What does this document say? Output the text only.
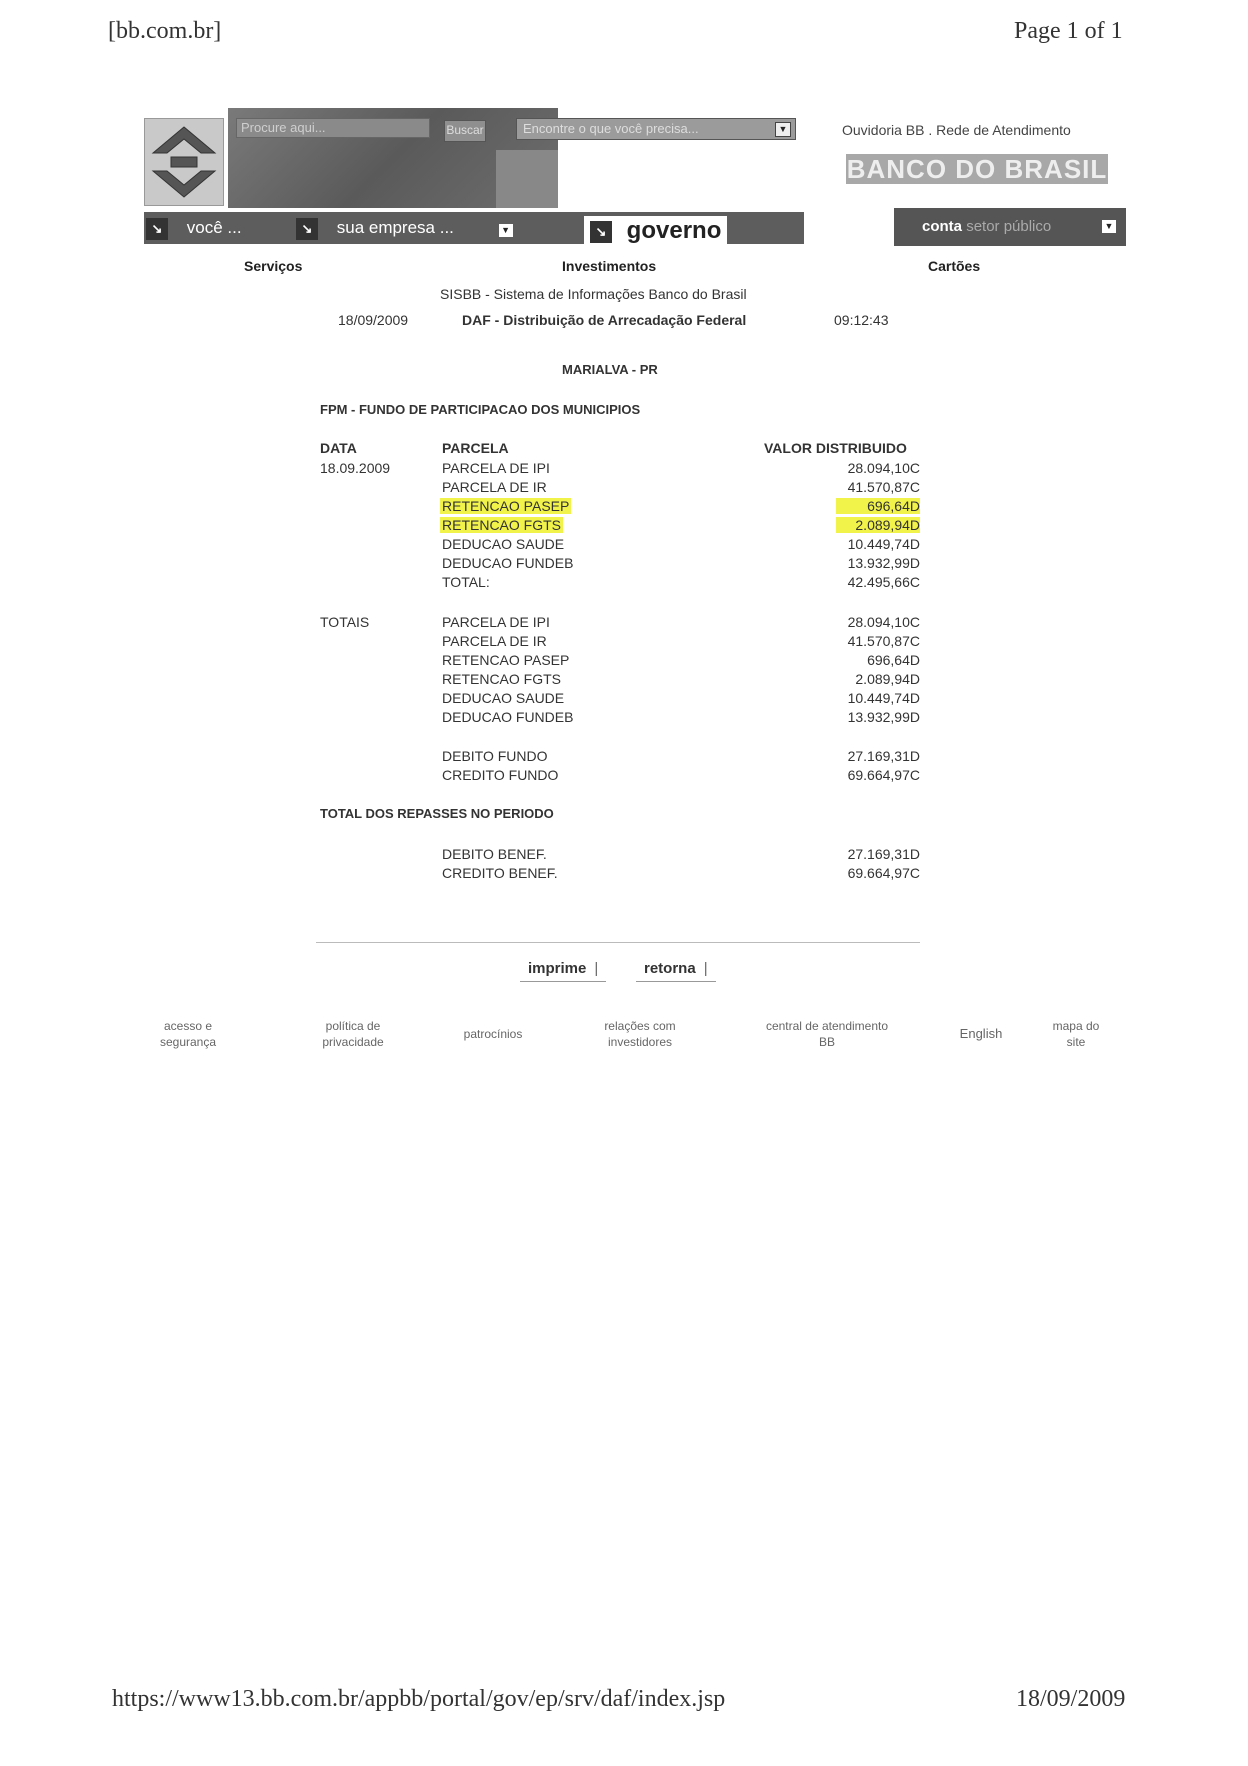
[bb.com.br]	Page 1 of 1
Procure aqui...	Buscar	Encontre o que você precisa...	▼
↘ você ...	↘ sua empresa ...	▼	↘ governo
Ouvidoria BB . Rede de Atendimento
BANCO DO BRASIL
conta setor público	▼
Serviços	Investimentos	Cartões
SISBB - Sistema de Informações Banco do Brasil
18/09/2009	DAF - Distribuição de Arrecadação Federal	09:12:43
MARIALVA - PR
FPM - FUNDO DE PARTICIPACAO DOS MUNICIPIOS
DATA	PARCELA	VALOR DISTRIBUIDO
18.09.2009	PARCELA DE IPI	28.094,10C
PARCELA DE IR	41.570,87C
RETENCAO PASEP	696,64D
RETENCAO FGTS	2.089,94D
DEDUCAO SAUDE	10.449,74D
DEDUCAO FUNDEB	13.932,99D
TOTAL:	42.495,66C
TOTAIS	PARCELA DE IPI	28.094,10C
PARCELA DE IR	41.570,87C
RETENCAO PASEP	696,64D
RETENCAO FGTS	2.089,94D
DEDUCAO SAUDE	10.449,74D
DEDUCAO FUNDEB	13.932,99D
DEBITO FUNDO	27.169,31D
CREDITO FUNDO	69.664,97C
TOTAL DOS REPASSES NO PERIODO
DEBITO BENEF.	27.169,31D
CREDITO BENEF.	69.664,97C
imprime |	retorna |
acesso e
segurança
política de
privacidade
patrocínios
relações com
investidores
central de atendimento
BB
English	mapa do
site
https://www13.bb.com.br/appbb/portal/gov/ep/srv/daf/index.jsp	18/09/2009
